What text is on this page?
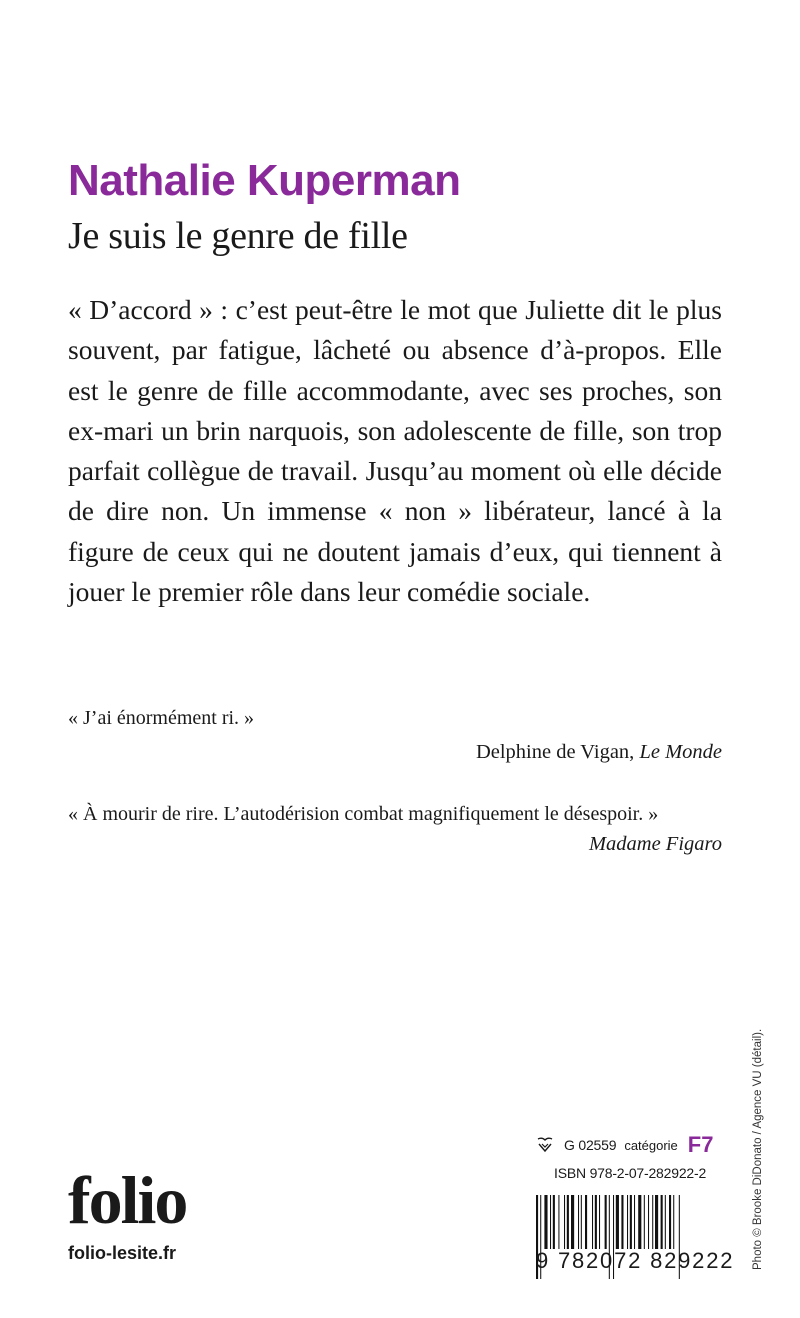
Nathalie Kuperman
Je suis le genre de fille

« D’accord » : c’est peut-être le mot que Juliette dit le plus souvent, par fatigue, lâcheté ou absence d’à-propos. Elle est le genre de fille accommodante, avec ses proches, son ex-mari un brin narquois, son adolescente de fille, son trop parfait collègue de travail. Jusqu’au moment où elle décide de dire non. Un immense « non » libérateur, lancé à la figure de ceux qui ne doutent jamais d’eux, qui tiennent à jouer le premier rôle dans leur comédie sociale.

« J’ai énormément ri. »

Delphine de Vigan, Le Monde

« À mourir de rire. L’autodérision combat magnifiquement le désespoir. »

Madame Figaro
G 02559 catégorie F7
ISBN 978-2-07-282922-2
9 782072 829222
folio
folio-lesite.fr	Photo © Brooke DiDonato / Agence VU (détail).
